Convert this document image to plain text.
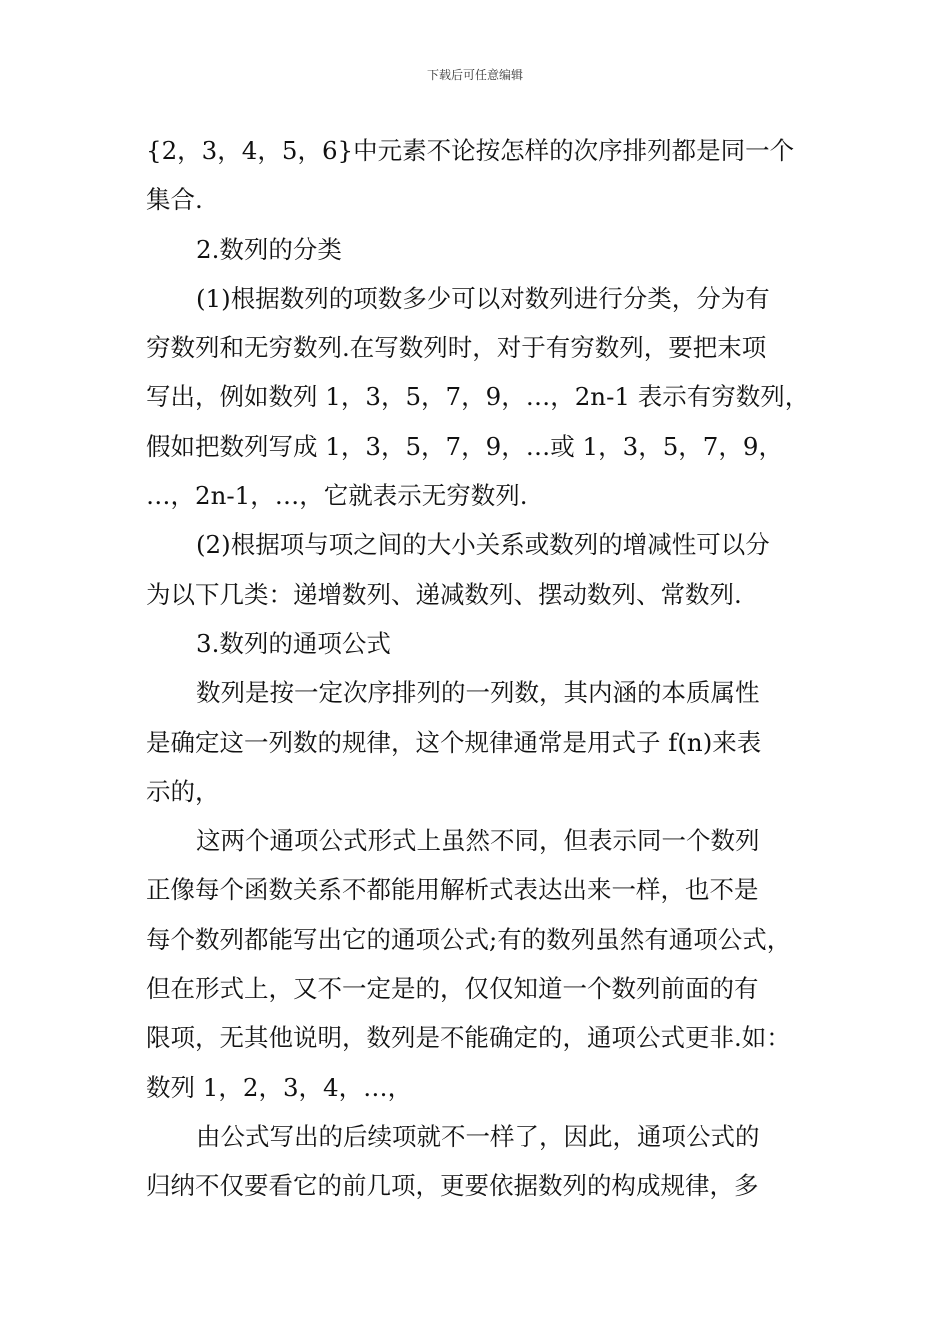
下载后可任意编辑
{2，3，4，5，6}中元素不论按怎样的次序排列都是同一个
集合.
2.数列的分类
(1)根据数列的项数多少可以对数列进行分类，分为有
穷数列和无穷数列.在写数列时，对于有穷数列，要把末项
写出，例如数列 1，3，5，7，9，…，2n-1 表示有穷数列，
假如把数列写成 1，3，5，7，9，…或 1，3，5，7，9，
…，2n-1，…，它就表示无穷数列.
(2)根据项与项之间的大小关系或数列的增减性可以分
为以下几类：递增数列、递减数列、摆动数列、常数列.
3.数列的通项公式
数列是按一定次序排列的一列数，其内涵的本质属性
是确定这一列数的规律，这个规律通常是用式子 f(n)来表
示的，
这两个通项公式形式上虽然不同，但表示同一个数列
正像每个函数关系不都能用解析式表达出来一样，也不是
每个数列都能写出它的通项公式;有的数列虽然有通项公式，
但在形式上，又不一定是的，仅仅知道一个数列前面的有
限项，无其他说明，数列是不能确定的，通项公式更非.如：
数列 1，2，3，4，…，
由公式写出的后续项就不一样了，因此，通项公式的
归纳不仅要看它的前几项，更要依据数列的构成规律，多
